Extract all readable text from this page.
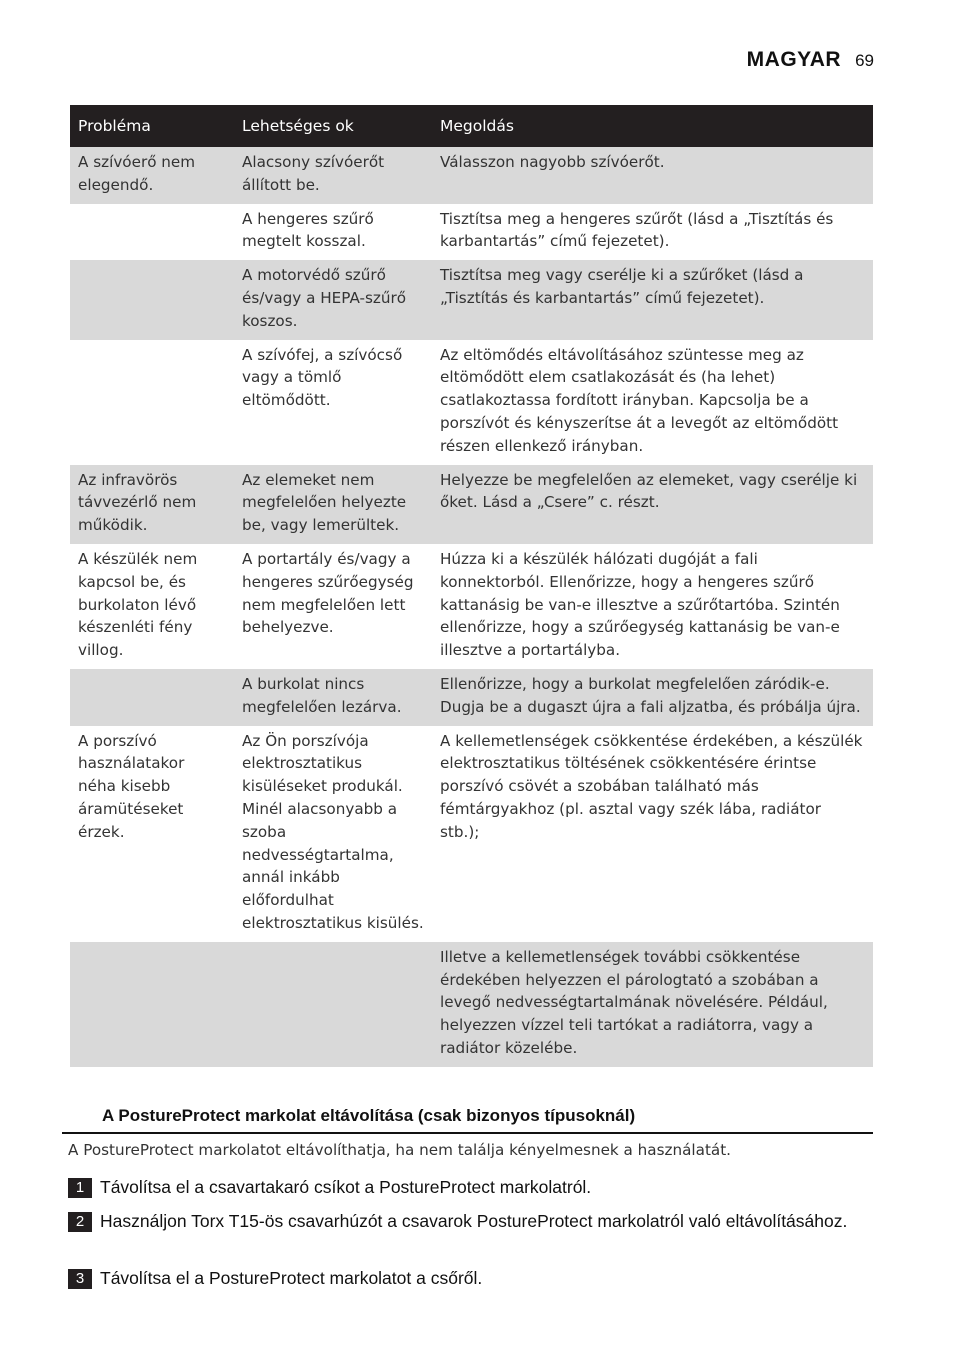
MAGYAR 69
Probléma	Lehetséges ok	Megoldás
A szívóerő nem elegendő.	Alacsony szívóerőt állított be.	Válasszon nagyobb szívóerőt.
	A hengeres szűrő megtelt kosszal.	Tisztítsa meg a hengeres szűrőt (lásd a „Tisztítás és karbantartás” című fejezetet).
	A motorvédő szűrő és/vagy a HEPA-szűrő koszos.	Tisztítsa meg vagy cserélje ki a szűrőket (lásd a „Tisztítás és karbantartás” című fejezetet).
	A szívófej, a szívócső vagy a tömlő eltömődött.	Az eltömődés eltávolításához szüntesse meg az eltömődött elem csatlakozását és (ha lehet) csatlakoztassa fordított irányban. Kapcsolja be a porszívót és kényszerítse át a levegőt az eltömődött részen ellenkező irányban.
Az infravörös távvezérlő nem működik.	Az elemeket nem megfelelően helyezte be, vagy lemerültek.	Helyezze be megfelelően az elemeket, vagy cserélje ki őket. Lásd a „Csere” c. részt.
A készülék nem kapcsol be, és burkolaton lévő készenléti fény villog.	A portartály és/vagy a hengeres szűrőegység nem megfelelően lett behelyezve.	Húzza ki a készülék hálózati dugóját a fali konnektorból. Ellenőrizze, hogy a hengeres szűrő kattanásig be van-e illesztve a szűrőtartóba. Szintén ellenőrizze, hogy a szűrőegység kattanásig be van-e illesztve a portartályba.
	A burkolat nincs megfelelően lezárva.	Ellenőrizze, hogy a burkolat megfelelően záródik-e. Dugja be a dugaszt újra a fali aljzatba, és próbálja újra.
A porszívó használatakor néha kisebb áramütéseket érzek.	Az Ön porszívója elektrosztatikus kisüléseket produkál. Minél alacsonyabb a szoba nedvességtartalma, annál inkább előfordulhat elektrosztatikus kisülés.	A kellemetlenségek csökkentése érdekében, a készülék elektrosztatikus töltésének csökkentésére érintse porszívó csövét a szobában található más fémtárgyakhoz (pl. asztal vagy szék lába, radiátor stb.);
		Illetve a kellemetlenségek további csökkentése érdekében helyezzen el párologtató a szobában a levegő nedvességtartalmának növelésére. Például, helyezzen vízzel teli tartókat a radiátorra, vagy a radiátor közelébe.
A PostureProtect markolat eltávolítása (csak bizonyos típusoknál)
A PostureProtect markolatot eltávolíthatja, ha nem találja kényelmesnek a használatát.
1 Távolítsa el a csavartakaró csíkot a PostureProtect markolatról.
2 Használjon Torx T15-ös csavarhúzót a csavarok PostureProtect markolatról való eltávolításához.
3 Távolítsa el a PostureProtect markolatot a csőről.
